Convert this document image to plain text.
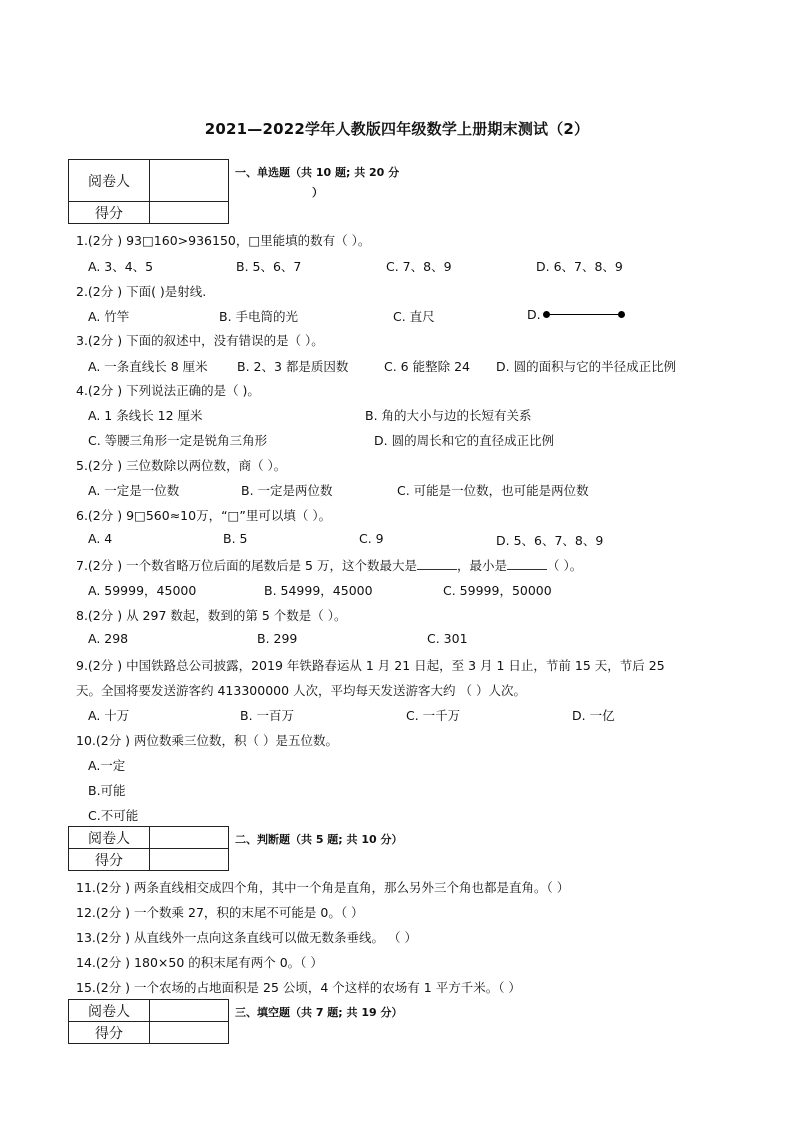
2021—2022学年人教版四年级数学上册期末测试（2）
阅卷人	
得分	
一、单选题（共 10 题; 共 20 分
）
1.(2分 ) 93□160>936150，□里能填的数有（ ）。
A. 3、4、5	B. 5、6、7	C. 7、8、9	D. 6、7、8、9
2.(2分 ) 下面( )是射线.
A. 竹竿	B. 手电筒的光	C. 直尺	D.
3.(2分 ) 下面的叙述中，没有错误的是（ ）。
A. 一条直线长 8 厘米 B. 2、3 都是质因数	C. 6 能整除 24 D. 圆的面积与它的半径成正比例
4.(2分 ) 下列说法正确的是（ )。
A. 1 条线长 12 厘米	B. 角的大小与边的长短有关系
C. 等腰三角形一定是锐角三角形	D. 圆的周长和它的直径成正比例
5.(2分 ) 三位数除以两位数，商（ ）。
A. 一定是一位数	B. 一定是两位数	C. 可能是一位数，也可能是两位数
6.(2分 ) 9□560≈10万，“□”里可以填（ ）。
A. 4	B. 5	C. 9	D. 5、6、7、8、9
7.(2分 ) 一个数省略万位后面的尾数后是 5 万，这个数最大是	，最小是	（ ）。
A. 59999，45000	B. 54999，45000	C. 59999，50000
8.(2分 ) 从 297 数起，数到的第 5 个数是（ ）。
A. 298	B. 299	C. 301
9.(2分 ) 中国铁路总公司披露，2019 年铁路春运从 1 月 21 日起，至 3 月 1 日止，节前 15 天，节后 25
天。全国将要发送游客约 413300000 人次，平均每天发送游客大约 （ ）人次。
A. 十万	B. 一百万	C. 一千万	D. 一亿
10.(2分 ) 两位数乘三位数，积（ ）是五位数。
A.一定
B.可能
C.不可能
阅卷人	
得分	
二、判断题（共 5 题; 共 10 分）
11.(2分 ) 两条直线相交成四个角，其中一个角是直角，那么另外三个角也都是直角。（ ）
12.(2分 ) 一个数乘 27，积的末尾不可能是 0。（ ）
13.(2分 ) 从直线外一点向这条直线可以做无数条垂线。 （ ）
14.(2分 ) 180×50 的积末尾有两个 0。（ ）
15.(2分 ) 一个农场的占地面积是 25 公顷，4 个这样的农场有 1 平方千米。（ ）
阅卷人	
得分	
三、填空题（共 7 题; 共 19 分）
